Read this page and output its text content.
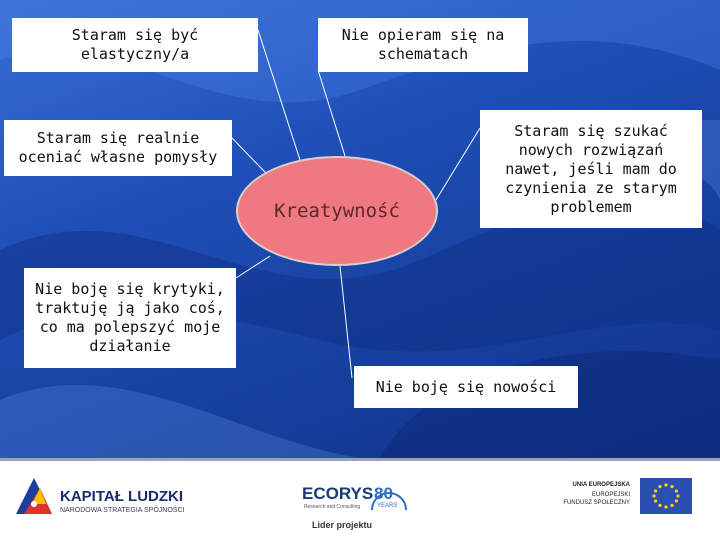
Staram się być
elastyczny/a
Nie opieram się na
schematach
Staram się realnie
oceniać własne pomysły
Staram się szukać
nowych rozwiązań
nawet, jeśli mam do
czynienia ze starym
problemem
Nie boję się krytyki,
traktuję ją jako coś,
co ma polepszyć moje
działanie
Nie boję się nowości
Kreatywność
KAPITAŁ LUDZKI
NARODOWA STRATEGIA SPÓJNOŚCI
ECORYS
Research and Consulting
80
YEARS
Lider projektu
UNIA EUROPEJSKA
EUROPEJSKI
FUNDUSZ SPOŁECZNY
